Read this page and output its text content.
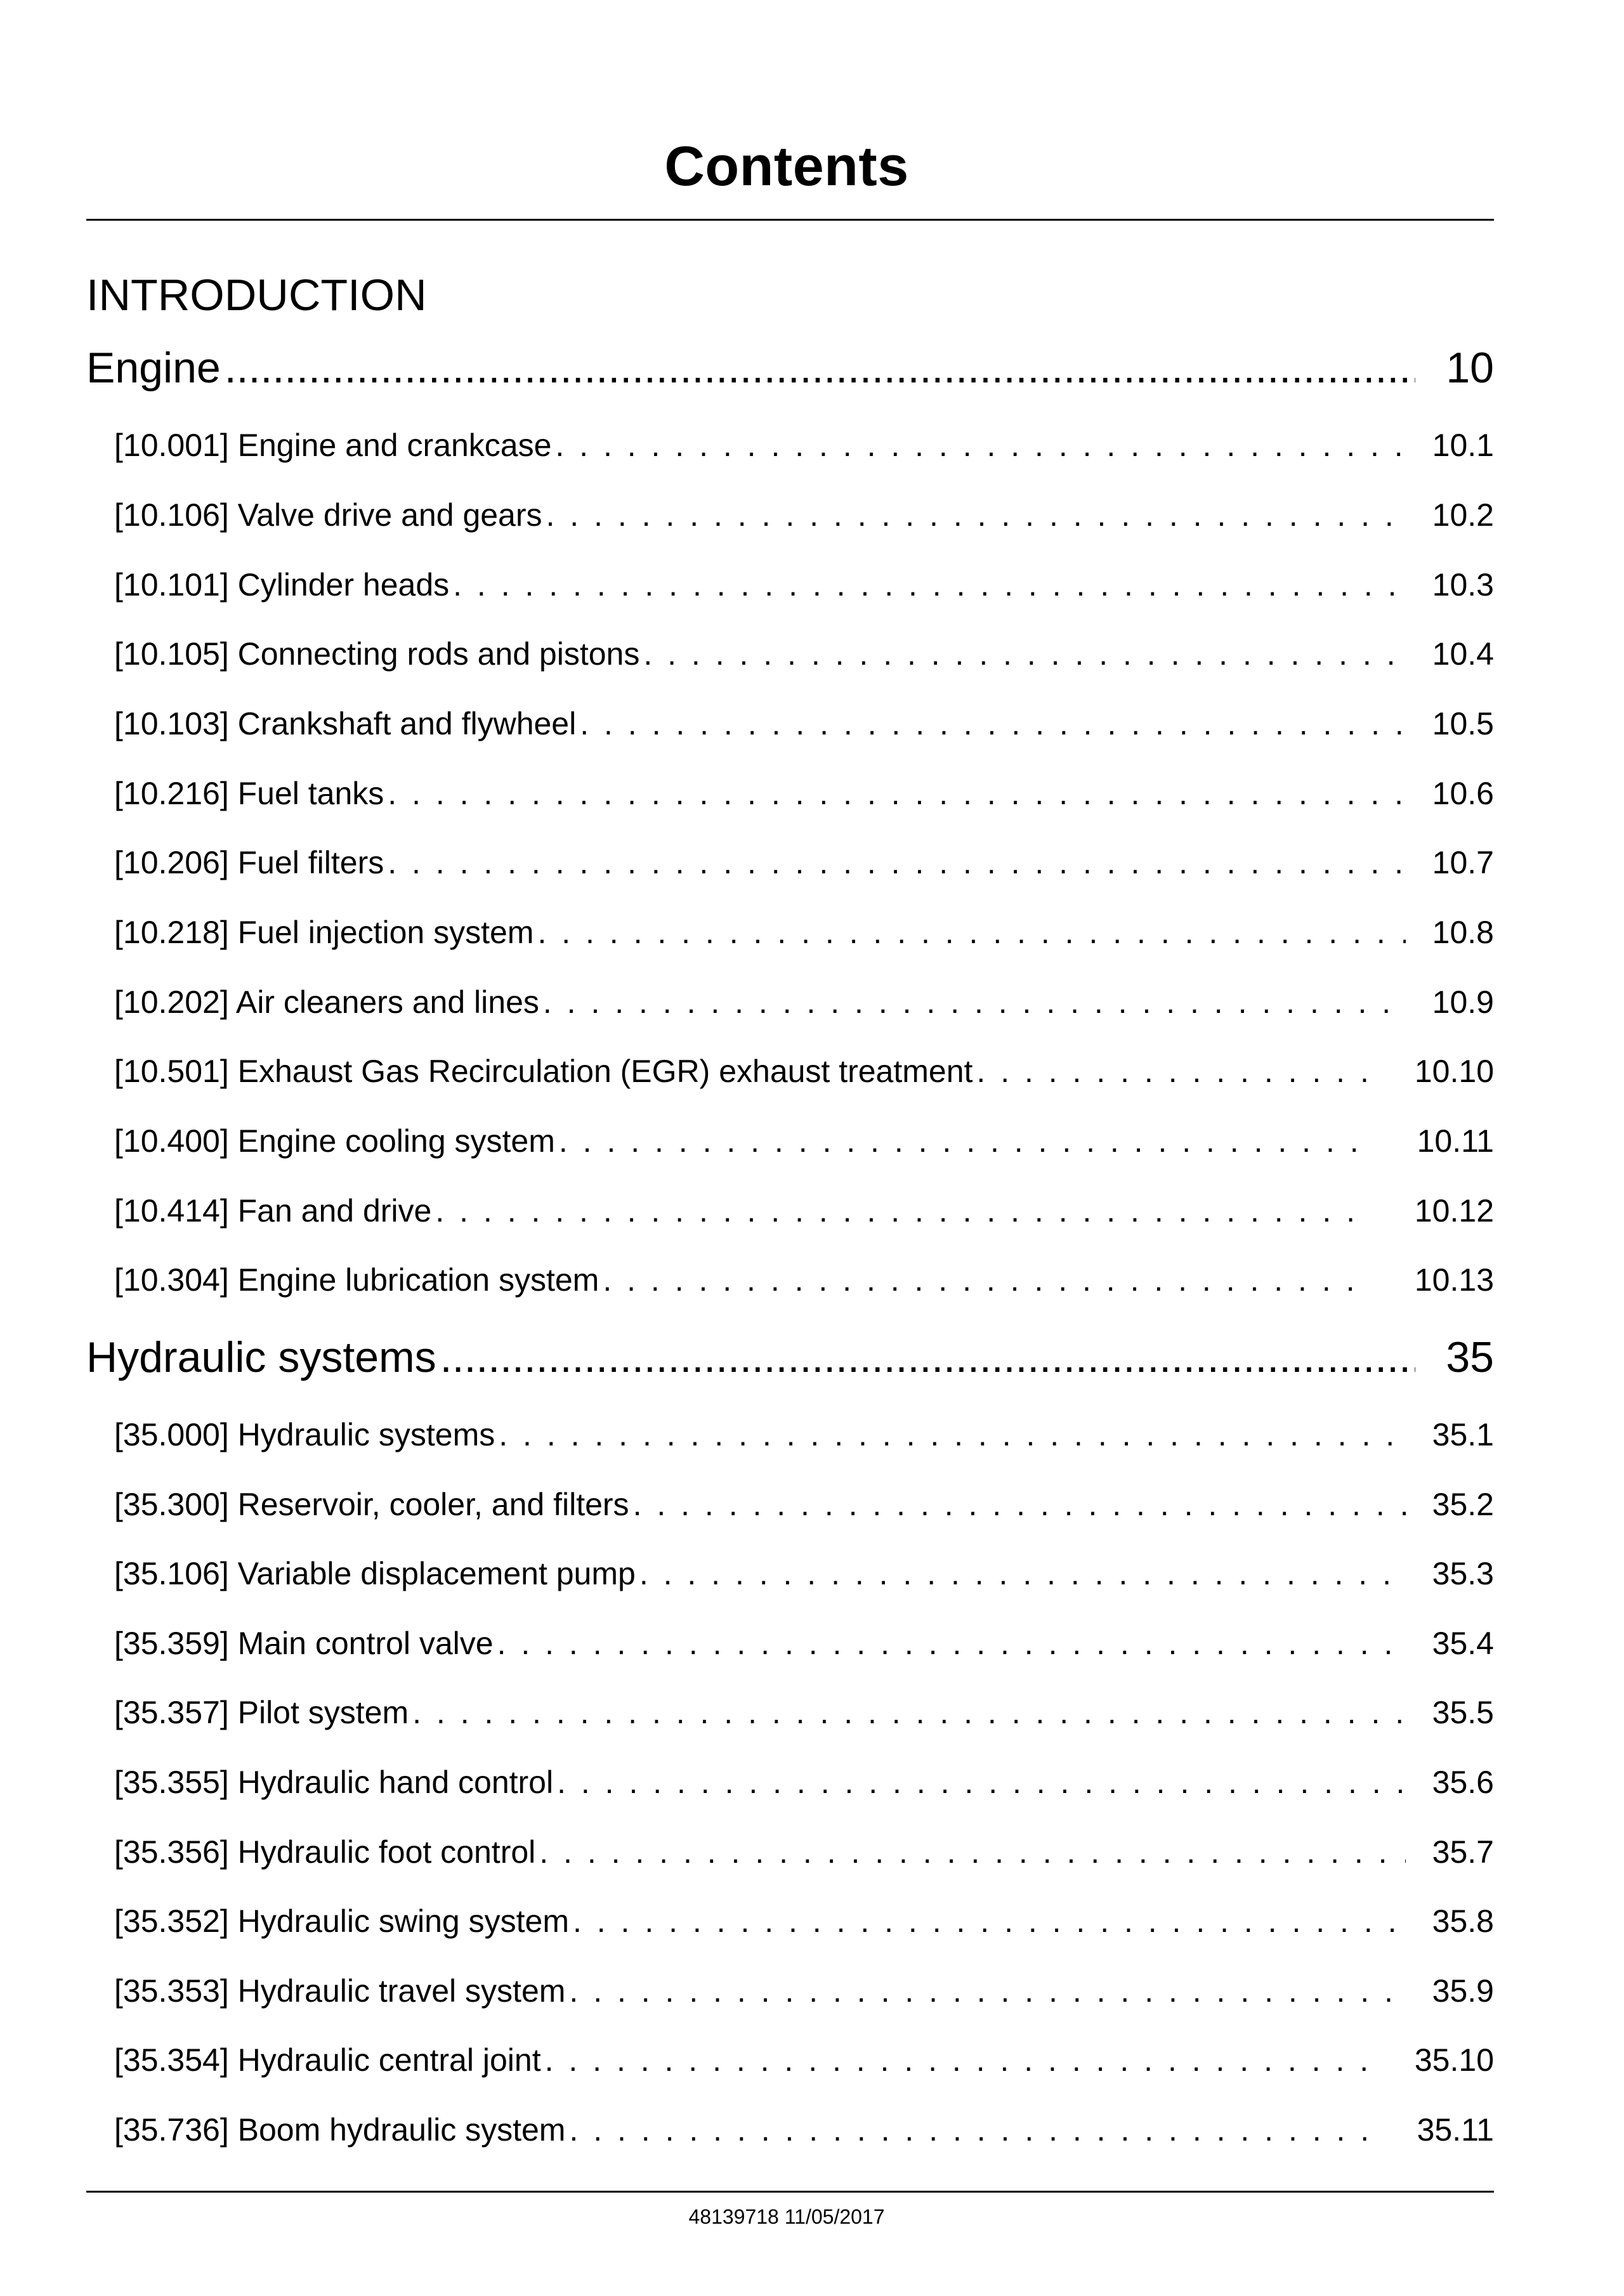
Contents
INTRODUCTION
Engine .....	10
[10.001] Engine and crankcase . . .	10.1
[10.106] Valve drive and gears . . .	10.2
[10.101] Cylinder heads . . .	10.3
[10.105] Connecting rods and pistons . . .	10.4
[10.103] Crankshaft and flywheel . . .	10.5
[10.216] Fuel tanks . . .	10.6
[10.206] Fuel filters . . .	10.7
[10.218] Fuel injection system . . .	10.8
[10.202] Air cleaners and lines . . .	10.9
[10.501] Exhaust Gas Recirculation (EGR) exhaust treatment . . .	10.10
[10.400] Engine cooling system . . .	10.11
[10.414] Fan and drive . . .	10.12
[10.304] Engine lubrication system . . .	10.13
Hydraulic systems .....	35
[35.000] Hydraulic systems . . .	35.1
[35.300] Reservoir, cooler, and filters . . .	35.2
[35.106] Variable displacement pump . . .	35.3
[35.359] Main control valve . . .	35.4
[35.357] Pilot system . . .	35.5
[35.355] Hydraulic hand control . . .	35.6
[35.356] Hydraulic foot control . . .	35.7
[35.352] Hydraulic swing system . . .	35.8
[35.353] Hydraulic travel system . . .	35.9
[35.354] Hydraulic central joint . . .	35.10
[35.736] Boom hydraulic system . . .	35.11
48139718 11/05/2017
